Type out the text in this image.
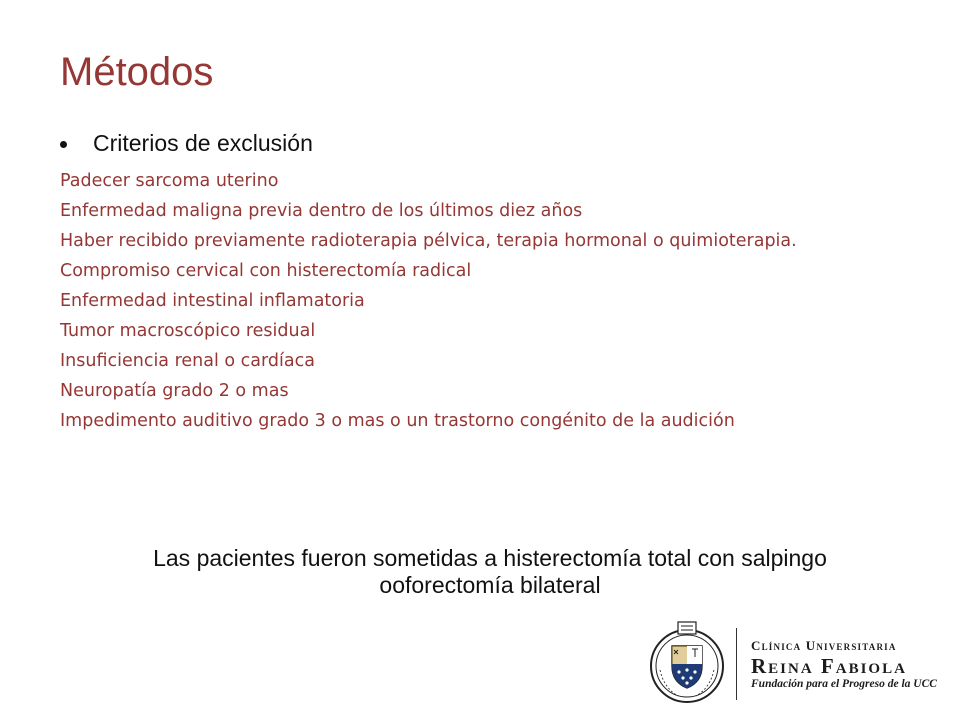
Métodos
Criterios de exclusión
Padecer sarcoma uterino
Enfermedad maligna previa dentro de los últimos diez años
Haber recibido previamente radioterapia pélvica, terapia hormonal o quimioterapia.
Compromiso cervical con histerectomía radical
Enfermedad intestinal inflamatoria
Tumor macroscópico residual
Insuficiencia renal o cardíaca
Neuropatía grado 2 o mas
Impedimento auditivo grado 3 o mas o un trastorno congénito de la audición
Las pacientes fueron sometidas a histerectomía total con salpingo ooforectomía bilateral
Clínica Universitaria
Reina Fabiola
Fundación para el Progreso de la UCC
